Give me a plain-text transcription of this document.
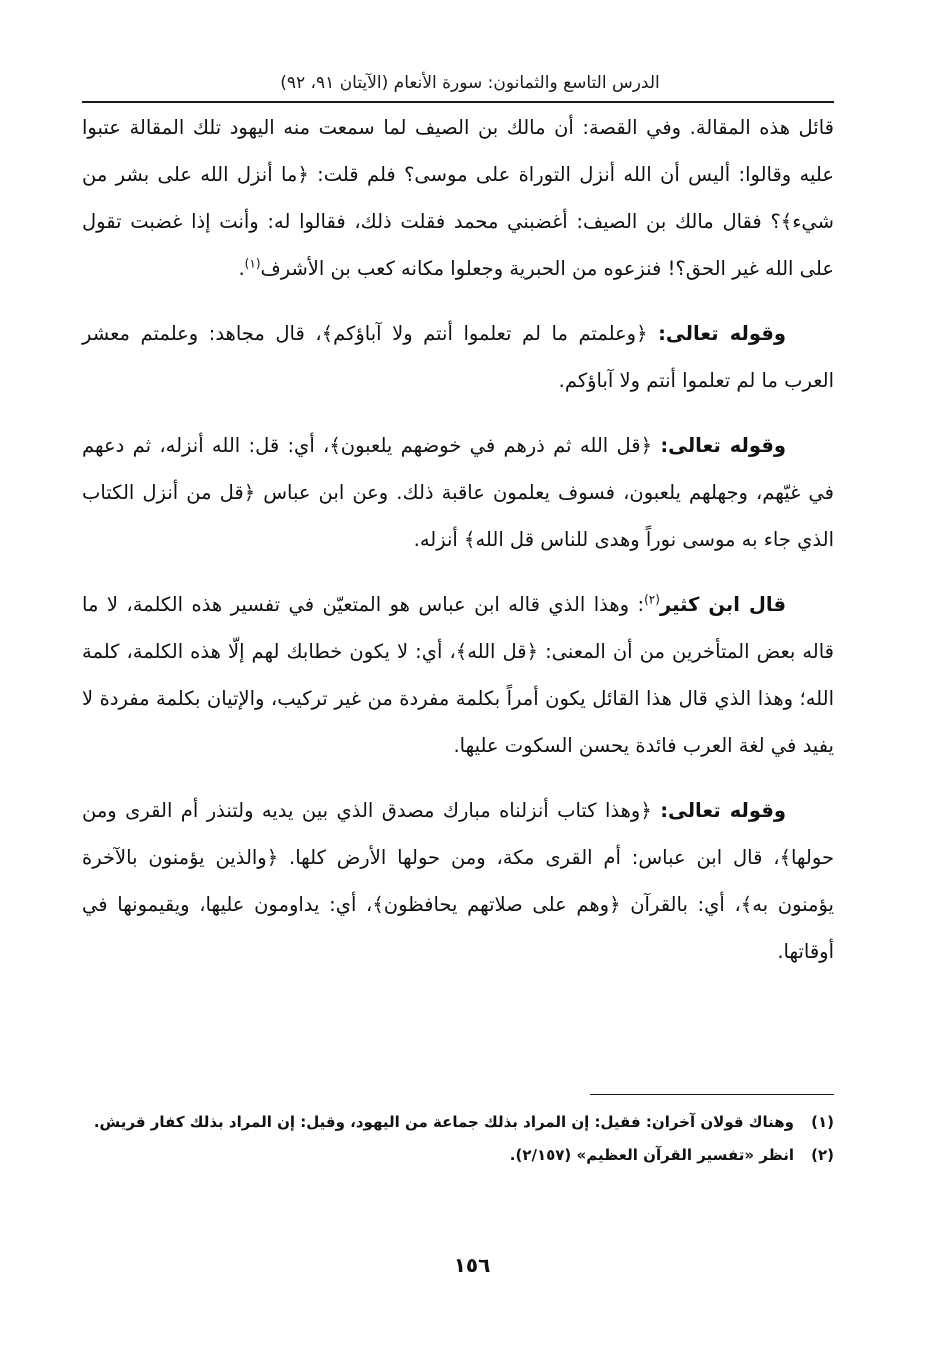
الدرس التاسع والثمانون: سورة الأنعام (الآيتان ٩١، ٩٢)

قائل هذه المقالة. وفي القصة: أن مالك بن الصيف لما سمعت منه اليهود تلك المقالة عتبوا عليه وقالوا: أليس أن الله أنزل التوراة على موسى؟ فلم قلت: ﴿ما أنزل الله على بشر من شيء﴾؟ فقال مالك بن الصيف: أغضبني محمد فقلت ذلك، فقالوا له: وأنت إذا غضبت تقول على الله غير الحق؟! فنزعوه من الحبرية وجعلوا مكانه كعب بن الأشرف$^{(١)}$.

وقوله تعالى: ﴿وعلمتم ما لم تعلموا أنتم ولا آباؤكم﴾، قال مجاهد: وعلمتم معشر العرب ما لم تعلموا أنتم ولا آباؤكم.

وقوله تعالى: ﴿قل الله ثم ذرهم في خوضهم يلعبون﴾، أي: قل: الله أنزله، ثم دعهم في غيّهم، وجهلهم يلعبون، فسوف يعلمون عاقبة ذلك. وعن ابن عباس ﴿قل من أنزل الكتاب الذي جاء به موسى نوراً وهدى للناس قل الله﴾ أنزله.

قال ابن كثير$^{(٢)}$: وهذا الذي قاله ابن عباس هو المتعيّن في تفسير هذه الكلمة، لا ما قاله بعض المتأخرين من أن المعنى: ﴿قل الله﴾، أي: لا يكون خطابك لهم إلّا هذه الكلمة، كلمة الله؛ وهذا الذي قال هذا القائل يكون أمراً بكلمة مفردة من غير تركيب، والإتيان بكلمة مفردة لا يفيد في لغة العرب فائدة يحسن السكوت عليها.

وقوله تعالى: ﴿وهذا كتاب أنزلناه مبارك مصدق الذي بين يديه ولتنذر أم القرى ومن حولها﴾، قال ابن عباس: أم القرى مكة، ومن حولها الأرض كلها. ﴿والذين يؤمنون بالآخرة يؤمنون به﴾، أي: بالقرآن ﴿وهم على صلاتهم يحافظون﴾، أي: يداومون عليها، ويقيمونها في أوقاتها.

(١)
وهناك قولان آخران: فقيل: إن المراد بذلك جماعة من اليهود، وقيل: إن المراد بذلك كفار قريش.
(٢)
انظر «تفسير القرآن العظيم» (٢/١٥٧).
١٥٦
